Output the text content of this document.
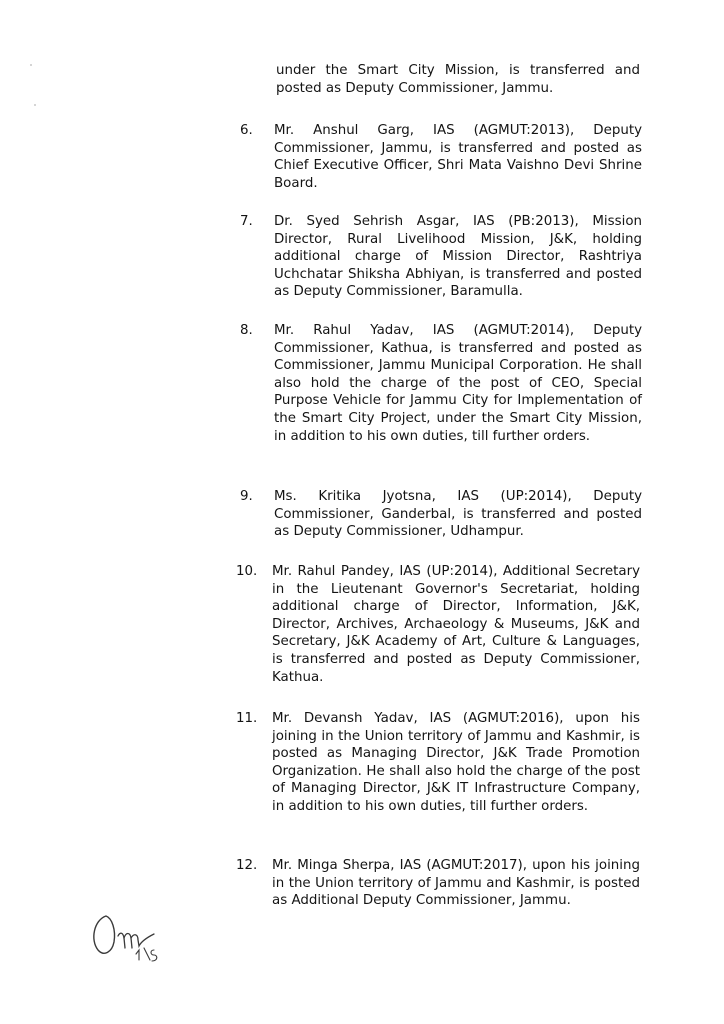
under the Smart City Mission, is transferred and posted as Deputy Commissioner, Jammu.

6.	Mr. Anshul Garg, IAS (AGMUT:2013), Deputy Commissioner, Jammu, is transferred and posted as Chief Executive Officer, Shri Mata Vaishno Devi Shrine Board.

7.	Dr. Syed Sehrish Asgar, IAS (PB:2013), Mission Director, Rural Livelihood Mission, J&K, holding additional charge of Mission Director, Rashtriya Uchchatar Shiksha Abhiyan, is transferred and posted as Deputy Commissioner, Baramulla.

8.	Mr. Rahul Yadav, IAS (AGMUT:2014), Deputy Commissioner, Kathua, is transferred and posted as Commissioner, Jammu Municipal Corporation. He shall also hold the charge of the post of CEO, Special Purpose Vehicle for Jammu City for Implementation of the Smart City Project, under the Smart City Mission, in addition to his own duties, till further orders.

9.	Ms. Kritika Jyotsna, IAS (UP:2014), Deputy Commissioner, Ganderbal, is transferred and posted as Deputy Commissioner, Udhampur.

10.	Mr. Rahul Pandey, IAS (UP:2014), Additional Secretary in the Lieutenant Governor's Secretariat, holding additional charge of Director, Information, J&K, Director, Archives, Archaeology & Museums, J&K and Secretary, J&K Academy of Art, Culture & Languages, is transferred and posted as Deputy Commissioner, Kathua.

11.	Mr. Devansh Yadav, IAS (AGMUT:2016), upon his joining in the Union territory of Jammu and Kashmir, is posted as Managing Director, J&K Trade Promotion Organization. He shall also hold the charge of the post of Managing Director, J&K IT Infrastructure Company, in addition to his own duties, till further orders.

12.	Mr. Minga Sherpa, IAS (AGMUT:2017), upon his joining in the Union territory of Jammu and Kashmir, is posted as Additional Deputy Commissioner, Jammu.
